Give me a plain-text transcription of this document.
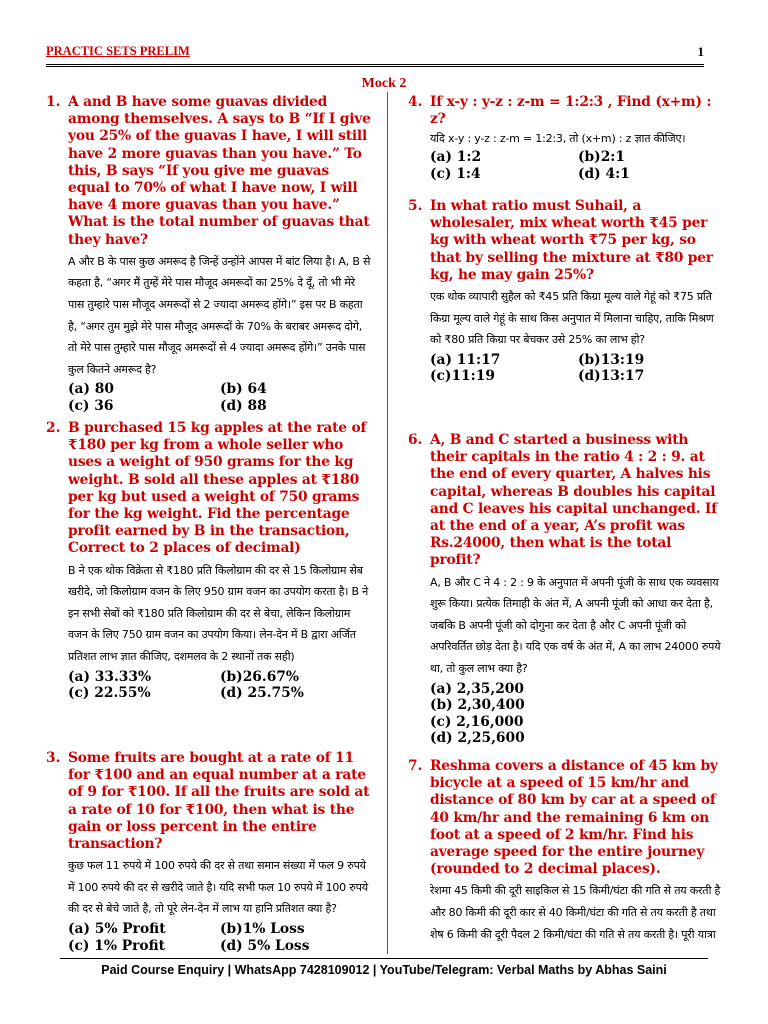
PRACTIC SETS PRELIM	1
Mock 2
1. A and B have some guavas divided among themselves. A says to B “If I give you 25% of the guavas I have, I will still have 2 more guavas than you have.” To this, B says “If you give me guavas equal to 70% of what I have now, I will have 4 more guavas than you have.” What is the total number of guavas that they have?
A और B के पास कुछ अमरूद है जिन्हें उन्होंने आपस में बांट लिया है। A, B से कहता है, “अगर मैं तुम्हें मेरे पास मौजूद अमरूदों का 25% दे दूँ, तो भी मेरे पास तुम्हारे पास मौजूद अमरूदों से 2 ज्यादा अमरूद होंगे।” इस पर B कहता है, “अगर तुम मुझे मेरे पास मौजूद अमरूदों के 70% के बराबर अमरूद दोगे, तो मेरे पास तुम्हारे पास मौजूद अमरूदों से 4 ज्यादा अमरूद होंगे।” उनके पास कुल कितने अमरूद है?
(a) 80	(b) 64
(c) 36	(d) 88
2. B purchased 15 kg apples at the rate of ₹180 per kg from a whole seller who uses a weight of 950 grams for the kg weight. B sold all these apples at ₹180 per kg but used a weight of 750 grams for the kg weight. Fid the percentage profit earned by B in the transaction, Correct to 2 places of decimal)
B ने एक थोक विक्रेता से ₹180 प्रति किलोग्राम की दर से 15 किलोग्राम सेब खरीदे, जो किलोग्राम वजन के लिए 950 ग्राम वजन का उपयोग करता है। B ने इन सभी सेबों को ₹180 प्रति किलोग्राम की दर से बेचा, लेकिन किलोग्राम वजन के लिए 750 ग्राम वजन का उपयोग किया। लेन-देन में B द्वारा अर्जित प्रतिशत लाभ ज्ञात कीजिए, दशमलव के 2 स्थानों तक सही)
(a) 33.33%	(b)26.67%
(c) 22.55%	(d) 25.75%
3. Some fruits are bought at a rate of 11 for ₹100 and an equal number at a rate of 9 for ₹100. If all the fruits are sold at a rate of 10 for ₹100, then what is the gain or loss percent in the entire transaction?
कुछ फल 11 रुपये में 100 रुपये की दर से तथा समान संख्या में फल 9 रुपये में 100 रुपये की दर से खरीदे जाते है। यदि सभी फल 10 रुपये में 100 रुपये की दर से बेचे जाते है, तो पूरे लेन-देन में लाभ या हानि प्रतिशत क्या है?
(a) 5% Profit	(b)1% Loss
(c) 1% Profit	(d) 5% Loss
4. If x-y : y-z : z-m = 1:2:3 , Find (x+m) : z?
यदि x-y : y-z : z-m = 1:2:3, तो (x+m) : z ज्ञात कीजिए।
(a) 1:2	(b)2:1
(c) 1:4	(d) 4:1
5. In what ratio must Suhail, a wholesaler, mix wheat worth ₹45 per kg with wheat worth ₹75 per kg, so that by selling the mixture at ₹80 per kg, he may gain 25%?
एक थोक व्यापारी सुहैल को ₹45 प्रति किग्रा मूल्य वाले गेहूं को ₹75 प्रति किग्रा मूल्य वाले गेहूं के साथ किस अनुपात में मिलाना चाहिए, ताकि मिश्रण को ₹80 प्रति किग्रा पर बेचकर उसे 25% का लाभ हो?
(a) 11:17	(b)13:19
(c)11:19	(d)13:17
6. A, B and C started a business with their capitals in the ratio 4 : 2 : 9. at the end of every quarter, A halves his capital, whereas B doubles his capital and C leaves his capital unchanged. If at the end of a year, A’s profit was Rs.24000, then what is the total profit?
A, B और C ने 4 : 2 : 9 के अनुपात में अपनी पूंजी के साथ एक व्यवसाय शुरू किया। प्रत्येक तिमाही के अंत में, A अपनी पूंजी को आधा कर देता है, जबकि B अपनी पूंजी को दोगुना कर देता है और C अपनी पूंजी को अपरिवर्तित छोड़ देता है। यदि एक वर्ष के अंत में, A का लाभ 24000 रुपये था, तो कुल लाभ क्या है?
(a) 2,35,200
(b) 2,30,400
(c) 2,16,000
(d) 2,25,600
7. Reshma covers a distance of 45 km by bicycle at a speed of 15 km/hr and distance of 80 km by car at a speed of 40 km/hr and the remaining 6 km on foot at a speed of 2 km/hr. Find his average speed for the entire journey (rounded to 2 decimal places).
रेशमा 45 किमी की दूरी साइकिल से 15 किमी/घंटा की गति से तय करती है और 80 किमी की दूरी कार से 40 किमी/घंटा की गति से तय करती है तथा शेष 6 किमी की दूरी पैदल 2 किमी/घंटा की गति से तय करती है। पूरी यात्रा
Paid Course Enquiry | WhatsApp 7428109012 | YouTube/Telegram: Verbal Maths by Abhas Saini
